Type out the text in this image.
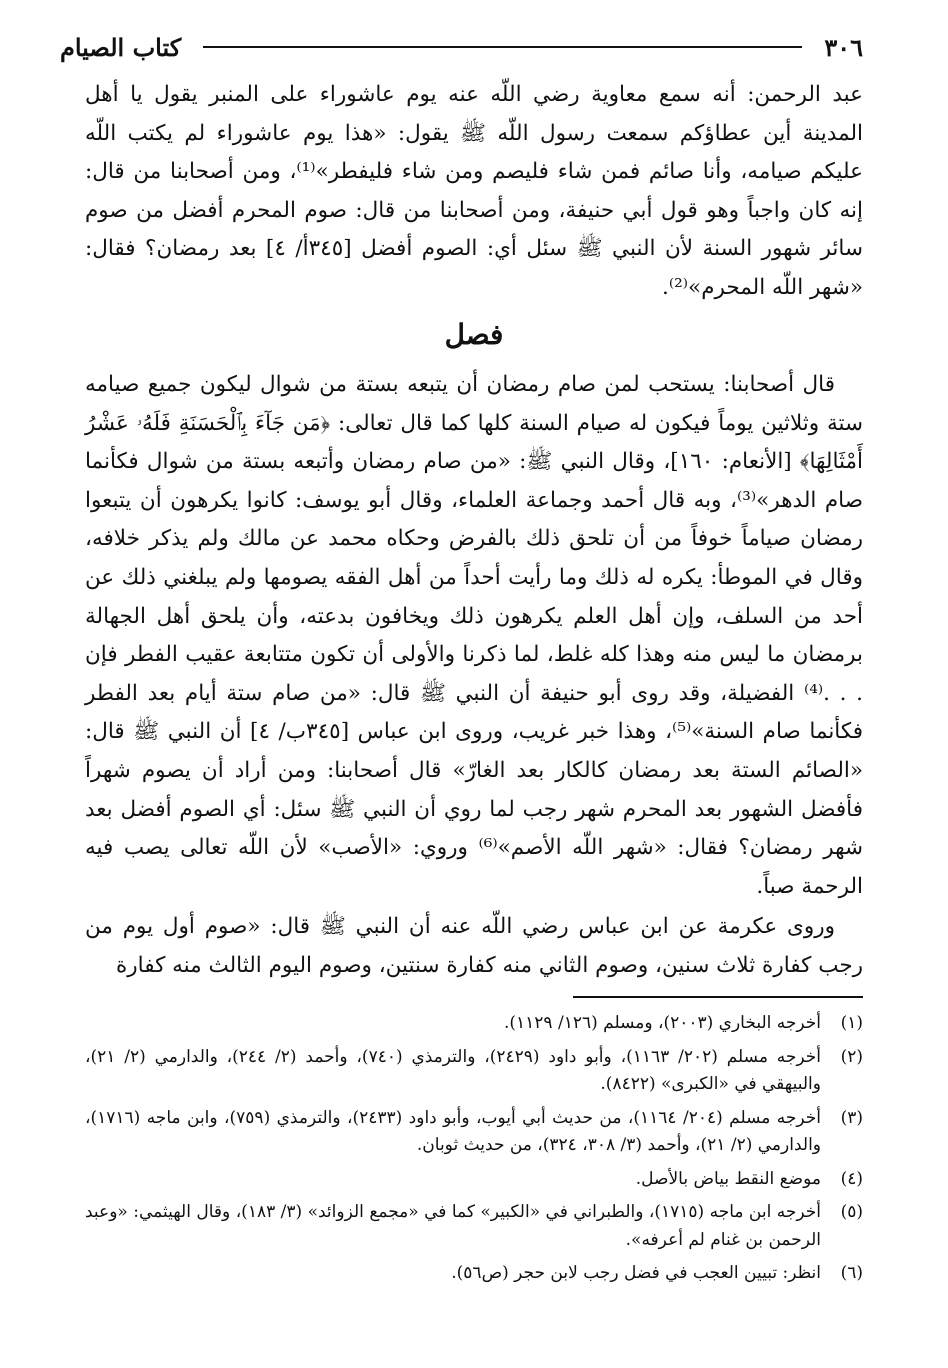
٣٠٦
كتاب الصيام

عبد الرحمن: أنه سمع معاوية رضي اللّه عنه يوم عاشوراء على المنبر يقول يا أهل المدينة أين عطاؤكم سمعت رسول اللّه ﷺ يقول: «هذا يوم عاشوراء لم يكتب اللّه عليكم صيامه، وأنا صائم فمن شاء فليصم ومن شاء فليفطر»⁽¹⁾، ومن أصحابنا من قال: إنه كان واجباً وهو قول أبي حنيفة، ومن أصحابنا من قال: صوم المحرم أفضل من صوم سائر شهور السنة لأن النبي ﷺ سئل أي: الصوم أفضل [٣٤٥أ/ ٤] بعد رمضان؟ فقال: «شهر اللّه المحرم»⁽²⁾.

فصل

قال أصحابنا: يستحب لمن صام رمضان أن يتبعه بستة من شوال ليكون جميع صيامه ستة وثلاثين يوماً فيكون له صيام السنة كلها كما قال تعالى: ﴿مَن جَآءَ بِٱلْحَسَنَةِ فَلَهُۥ عَشْرُ أَمْثَالِهَا﴾ [الأنعام: ١٦٠]، وقال النبي ﷺ: «من صام رمضان وأتبعه بستة من شوال فكأنما صام الدهر»⁽³⁾، وبه قال أحمد وجماعة العلماء، وقال أبو يوسف: كانوا يكرهون أن يتبعوا رمضان صياماً خوفاً من أن تلحق ذلك بالفرض وحكاه محمد عن مالك ولم يذكر خلافه، وقال في الموطأ: يكره له ذلك وما رأيت أحداً من أهل الفقه يصومها ولم يبلغني ذلك عن أحد من السلف، وإن أهل العلم يكرهون ذلك ويخافون بدعته، وأن يلحق أهل الجهالة برمضان ما ليس منه وهذا كله غلط، لما ذكرنا والأولى أن تكون متتابعة عقيب الفطر فإن . . .⁽⁴⁾ الفضيلة، وقد روى أبو حنيفة أن النبي ﷺ قال: «من صام ستة أيام بعد الفطر فكأنما صام السنة»⁽⁵⁾، وهذا خبر غريب، وروى ابن عباس [٣٤٥ب/ ٤] أن النبي ﷺ قال: «الصائم الستة بعد رمضان كالكار بعد الغارّ» قال أصحابنا: ومن أراد أن يصوم شهراً فأفضل الشهور بعد المحرم شهر رجب لما روي أن النبي ﷺ سئل: أي الصوم أفضل بعد شهر رمضان؟ فقال: «شهر اللّه الأصم»⁽⁶⁾ وروي: «الأصب» لأن اللّه تعالى يصب فيه الرحمة صباً.

وروى عكرمة عن ابن عباس رضي اللّه عنه أن النبي ﷺ قال: «صوم أول يوم من رجب كفارة ثلاث سنين، وصوم الثاني منه كفارة سنتين، وصوم اليوم الثالث منه كفارة

(١)
أخرجه البخاري (٢٠٠٣)، ومسلم (١٢٦/ ١١٢٩).
(٢)
أخرجه مسلم (٢٠٢/ ١١٦٣)، وأبو داود (٢٤٢٩)، والترمذي (٧٤٠)، وأحمد (٢/ ٢٤٤)، والدارمي (٢/ ٢١)، والبيهقي في «الكبرى» (٨٤٢٢).
(٣)
أخرجه مسلم (٢٠٤/ ١١٦٤)، من حديث أبي أيوب، وأبو داود (٢٤٣٣)، والترمذي (٧٥٩)، وابن ماجه (١٧١٦)، والدارمي (٢/ ٢١)، وأحمد (٣/ ٣٠٨، ٣٢٤)، من حديث ثوبان.
(٤)
موضع النقط بياض بالأصل.
(٥)
أخرجه ابن ماجه (١٧١٥)، والطبراني في «الكبير» كما في «مجمع الزوائد» (٣/ ١٨٣)، وقال الهيثمي: «وعبد الرحمن بن غنام لم أعرفه».
(٦)
انظر: تبيين العجب في فضل رجب لابن حجر (ص٥٦).
